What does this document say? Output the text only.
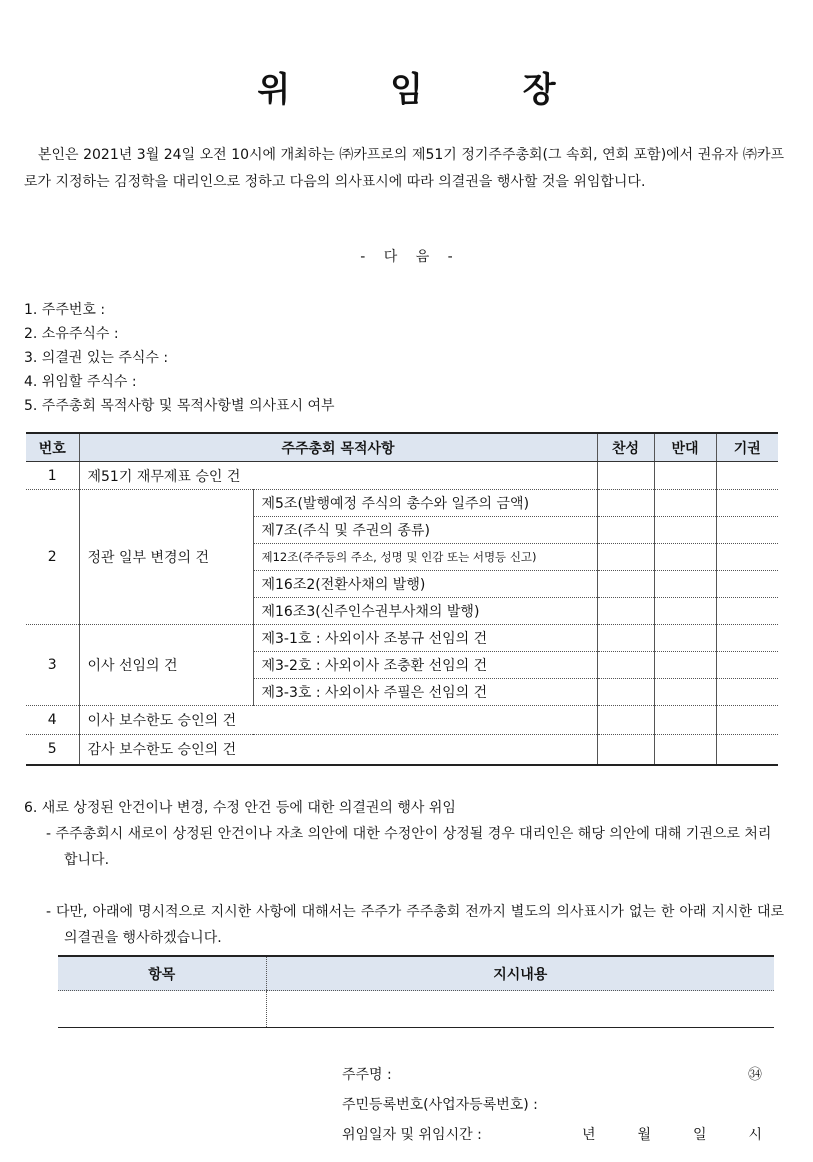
위 임 장
본인은 2021년 3월 24일 오전 10시에 개최하는 ㈜카프로의 제51기 정기주주총회(그 속회, 연회 포함)에서 권유자 ㈜카프로가 지정하는 김정학을 대리인으로 정하고 다음의 의사표시에 따라 의결권을 행사할 것을 위임합니다.
- 다 음 -
1. 주주번호 :
2. 소유주식수 :
3. 의결권 있는 주식수 :
4. 위임할 주식수 :
5. 주주총회 목적사항 및 목적사항별 의사표시 여부
번호	주주총회 목적사항		찬성	반대	기권
1	제51기 재무제표 승인 건				
2	정관 일부 변경의 건	제5조(발행예정 주식의 총수와 일주의 금액)			
		제7조(주식 및 주권의 종류)			
		제12조(주주등의 주소, 성명 및 인감 또는 서명등 신고)			
		제16조2(전환사채의 발행)			
		제16조3(신주인수권부사채의 발행)			
3	이사 선임의 건	제3-1호 : 사외이사 조봉규 선임의 건			
		제3-2호 : 사외이사 조충환 선임의 건			
		제3-3호 : 사외이사 주필은 선임의 건			
4	이사 보수한도 승인의 건				
5	감사 보수한도 승인의 건				
6. 새로 상정된 안건이나 변경, 수정 안건 등에 대한 의결권의 행사 위임
- 주주총회시 새로이 상정된 안건이나 자초 의안에 대한 수정안이 상정될 경우 대리인은 해당 의안에 대해 기권으로 처리합니다.
- 다만, 아래에 명시적으로 지시한 사항에 대해서는 주주가 주주총회 전까지 별도의 의사표시가 없는 한 아래 지시한 대로 의결권을 행사하겠습니다.
항목	지시내용

주주명 :	㉞
주민등록번호(사업자등록번호) :
위임일자 및 위임시간 :	년	월	일	시
